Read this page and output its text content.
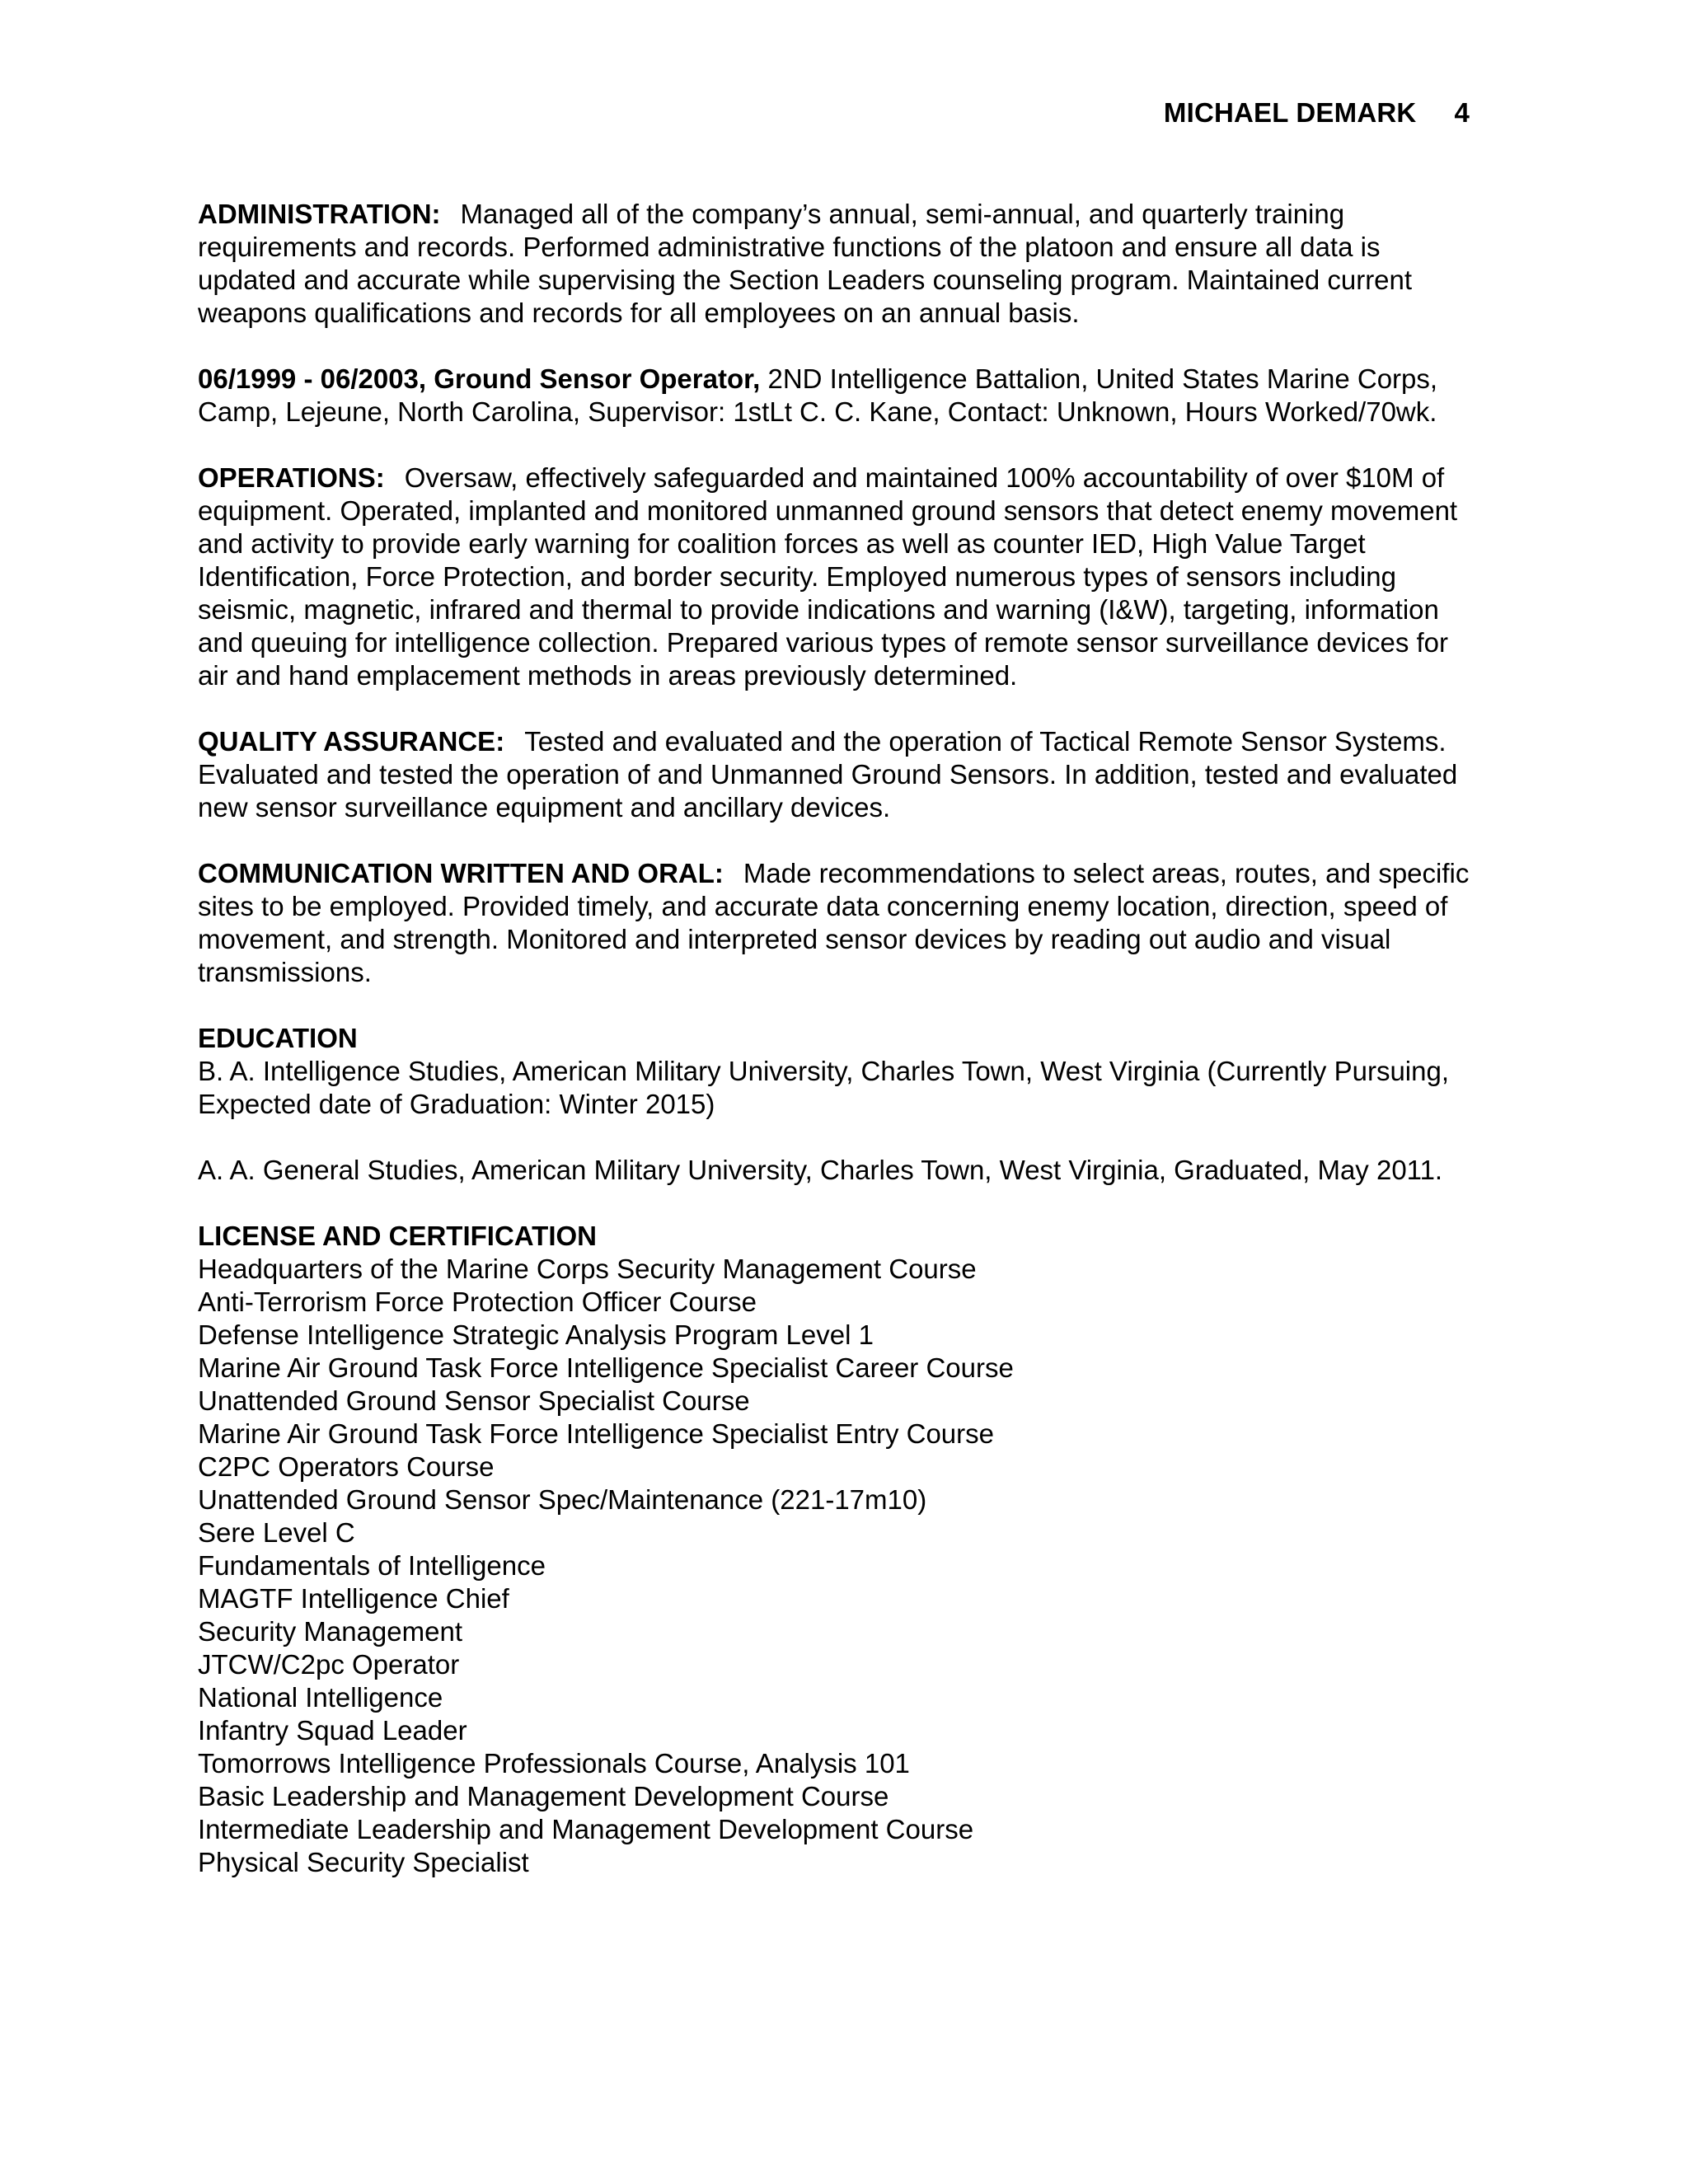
MICHAEL DEMARK 4

ADMINISTRATION: Managed all of the company’s annual, semi-annual, and quarterly training requirements and records. Performed administrative functions of the platoon and ensure all data is updated and accurate while supervising the Section Leaders counseling program. Maintained current weapons qualifications and records for all employees on an annual basis.

06/1999 - 06/2003, Ground Sensor Operator, 2ND Intelligence Battalion, United States Marine Corps, Camp, Lejeune, North Carolina, Supervisor: 1stLt C. C. Kane, Contact: Unknown, Hours Worked/70wk.

OPERATIONS: Oversaw, effectively safeguarded and maintained 100% accountability of over $10M of equipment. Operated, implanted and monitored unmanned ground sensors that detect enemy movement and activity to provide early warning for coalition forces as well as counter IED, High Value Target Identification, Force Protection, and border security. Employed numerous types of sensors including seismic, magnetic, infrared and thermal to provide indications and warning (I&W), targeting, information and queuing for intelligence collection. Prepared various types of remote sensor surveillance devices for air and hand emplacement methods in areas previously determined.

QUALITY ASSURANCE: Tested and evaluated and the operation of Tactical Remote Sensor Systems. Evaluated and tested the operation of and Unmanned Ground Sensors. In addition, tested and evaluated new sensor surveillance equipment and ancillary devices.

COMMUNICATION WRITTEN AND ORAL: Made recommendations to select areas, routes, and specific sites to be employed. Provided timely, and accurate data concerning enemy location, direction, speed of movement, and strength. Monitored and interpreted sensor devices by reading out audio and visual transmissions.

EDUCATION

B. A. Intelligence Studies, American Military University, Charles Town, West Virginia (Currently Pursuing, Expected date of Graduation: Winter 2015)

A. A. General Studies, American Military University, Charles Town, West Virginia, Graduated, May 2011.

LICENSE AND CERTIFICATION

Headquarters of the Marine Corps Security Management Course
Anti-Terrorism Force Protection Officer Course
Defense Intelligence Strategic Analysis Program Level 1
Marine Air Ground Task Force Intelligence Specialist Career Course
Unattended Ground Sensor Specialist Course
Marine Air Ground Task Force Intelligence Specialist Entry Course
C2PC Operators Course
Unattended Ground Sensor Spec/Maintenance (221-17m10)
Sere Level C
Fundamentals of Intelligence
MAGTF Intelligence Chief
Security Management
JTCW/C2pc Operator
National Intelligence
Infantry Squad Leader
Tomorrows Intelligence Professionals Course, Analysis 101
Basic Leadership and Management Development Course
Intermediate Leadership and Management Development Course
Physical Security Specialist
